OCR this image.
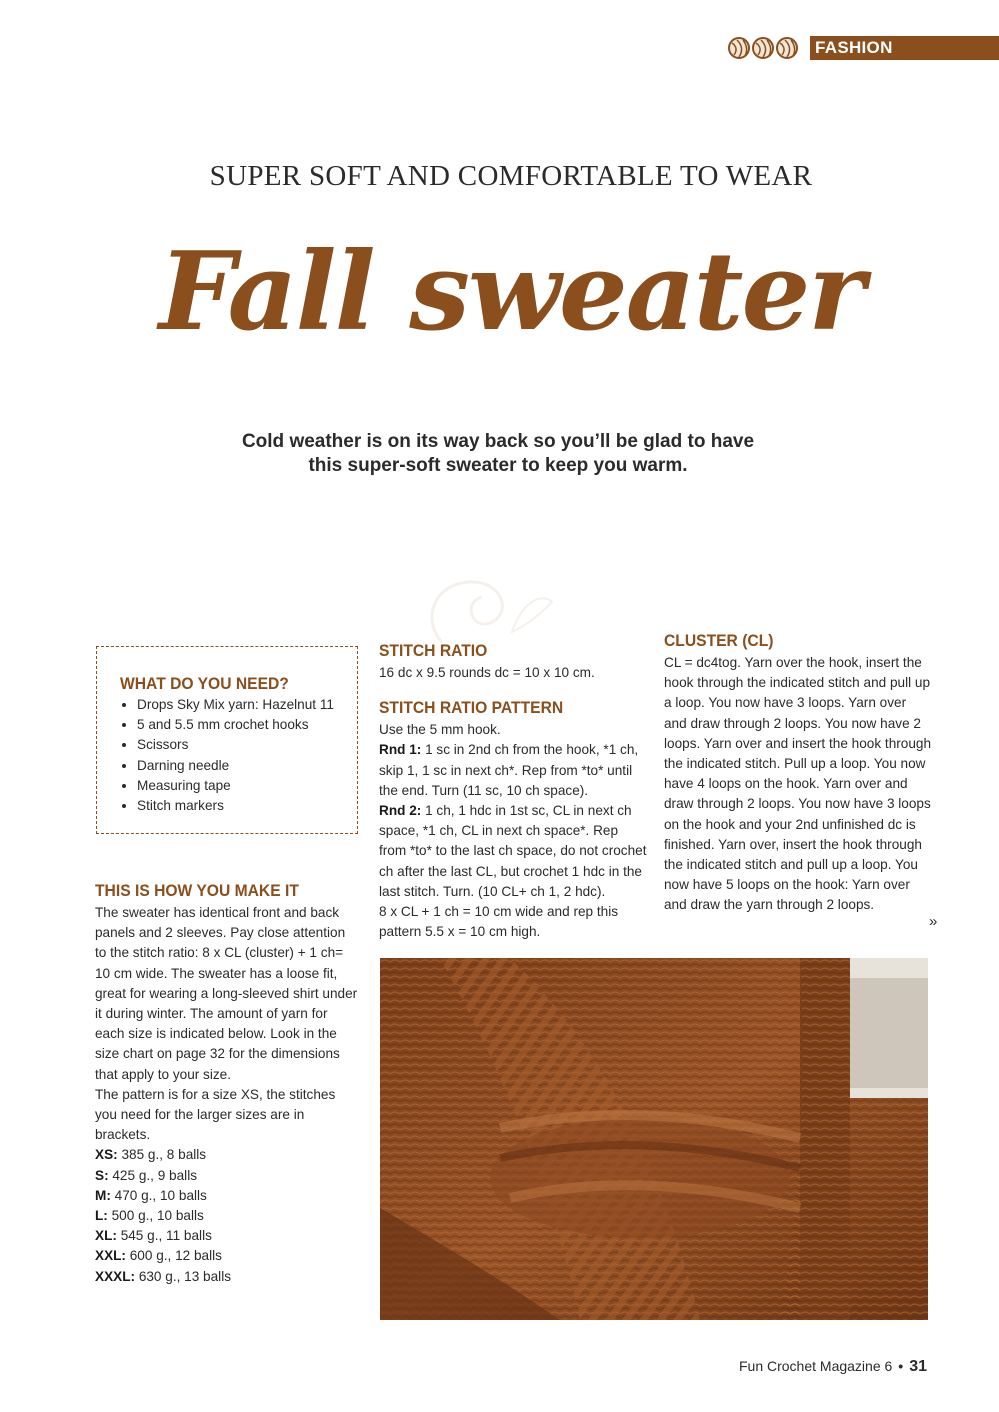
FASHION
SUPER SOFT AND COMFORTABLE TO WEAR
Fall sweater
Cold weather is on its way back so you’ll be glad to have this super-soft sweater to keep you warm.
WHAT DO YOU NEED?
• Drops Sky Mix yarn: Hazelnut 11
• 5 and 5.5 mm crochet hooks
• Scissors
• Darning needle
• Measuring tape
• Stitch markers
THIS IS HOW YOU MAKE IT

The sweater has identical front and back panels and 2 sleeves. Pay close attention to the stitch ratio: 8 x CL (cluster) + 1 ch= 10 cm wide. The sweater has a loose fit, great for wearing a long-sleeved shirt under it during winter. The amount of yarn for each size is indicated below. Look in the size chart on page 32 for the dimensions that apply to your size.

The pattern is for a size XS, the stitches you need for the larger sizes are in brackets.

XS: 385 g., 8 balls
S: 425 g., 9 balls
M: 470 g., 10 balls
L: 500 g., 10 balls
XL: 545 g., 11 balls
XXL: 600 g., 12 balls
XXXL: 630 g., 13 balls
STITCH RATIO

16 dc x 9.5 rounds dc = 10 x 10 cm.

STITCH RATIO PATTERN

Use the 5 mm hook.

Rnd 1: 1 sc in 2nd ch from the hook, *1 ch, skip 1, 1 sc in next ch*. Rep from *to* until the end. Turn (11 sc, 10 ch space).

Rnd 2: 1 ch, 1 hdc in 1st sc, CL in next ch space, *1 ch, CL in next ch space*. Rep from *to* to the last ch space, do not crochet ch after the last CL, but crochet 1 hdc in the last stitch. Turn. (10 CL+ ch 1, 2 hdc).

8 x CL + 1 ch = 10 cm wide and rep this pattern 5.5 x = 10 cm high.

CLUSTER (CL)

CL = dc4tog. Yarn over the hook, insert the hook through the indicated stitch and pull up a loop. You now have 3 loops. Yarn over and draw through 2 loops. You now have 2 loops. Yarn over and insert the hook through the indicated stitch. Pull up a loop. You now have 4 loops on the hook. Yarn over and draw through 2 loops. You now have 3 loops on the hook and your 2nd unfinished dc is finished. Yarn over, insert the hook through the indicated stitch and pull up a loop. You now have 5 loops on the hook: Yarn over and draw the yarn through 2 loops.

»
Fun Crochet Magazine 6 • 31
